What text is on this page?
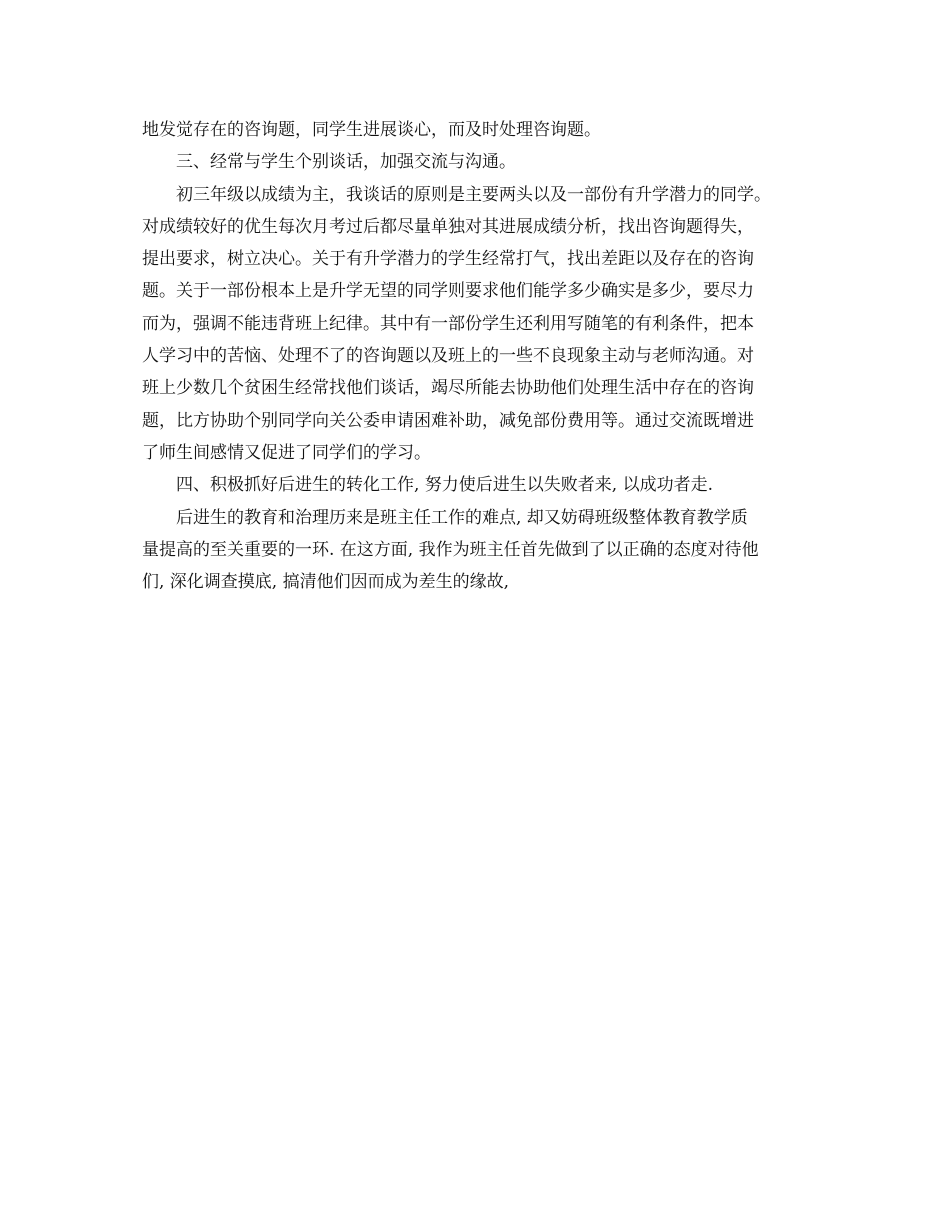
地发觉存在的咨询题，同学生进展谈心，而及时处理咨询题。
三、经常与学生个别谈话，加强交流与沟通。
初三年级以成绩为主，我谈话的原则是主要两头以及一部份有升学潜力的同学。
对成绩较好的优生每次月考过后都尽量单独对其进展成绩分析，找出咨询题得失，
提出要求，树立决心。关于有升学潜力的学生经常打气，找出差距以及存在的咨询
题。关于一部份根本上是升学无望的同学则要求他们能学多少确实是多少，要尽力
而为，强调不能违背班上纪律。其中有一部份学生还利用写随笔的有利条件，把本
人学习中的苦恼、处理不了的咨询题以及班上的一些不良现象主动与老师沟通。对
班上少数几个贫困生经常找他们谈话，竭尽所能去协助他们处理生活中存在的咨询
题，比方协助个别同学向关公委申请困难补助，减免部份费用等。通过交流既增进
了师生间感情又促进了同学们的学习。
四、积极抓好后进生的转化工作, 努力使后进生以失败者来, 以成功者走.
后进生的教育和治理历来是班主任工作的难点, 却又妨碍班级整体教育教学质
量提高的至关重要的一环. 在这方面, 我作为班主任首先做到了以正确的态度对待他
们, 深化调查摸底, 搞清他们因而成为差生的缘故,
